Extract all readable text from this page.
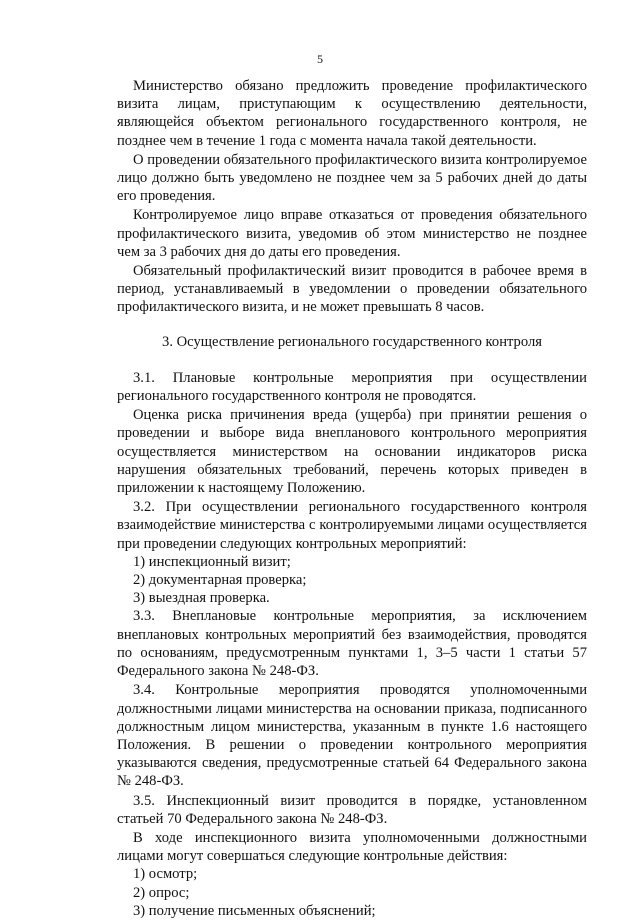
5

Министерство обязано предложить проведение профилактического визита лицам, приступающим к осуществлению деятельности, являющейся объектом регионального государственного контроля, не позднее чем в течение 1 года с момента начала такой деятельности.

О проведении обязательного профилактического визита контролируемое лицо должно быть уведомлено не позднее чем за 5 рабочих дней до даты его проведения.

Контролируемое лицо вправе отказаться от проведения обязательного профилактического визита, уведомив об этом министерство не позднее чем за 3 рабочих дня до даты его проведения.

Обязательный профилактический визит проводится в рабочее время в период, устанавливаемый в уведомлении о проведении обязательного профилактического визита, и не может превышать 8 часов.

3. Осуществление регионального государственного контроля

3.1. Плановые контрольные мероприятия при осуществлении регионального государственного контроля не проводятся.

Оценка риска причинения вреда (ущерба) при принятии решения о проведении и выборе вида внепланового контрольного мероприятия осуществляется министерством на основании индикаторов риска нарушения обязательных требований, перечень которых приведен в приложении к настоящему Положению.

3.2. При осуществлении регионального государственного контроля взаимодействие министерства с контролируемыми лицами осуществляется при проведении следующих контрольных мероприятий:

1) инспекционный визит;

2) документарная проверка;

3) выездная проверка.

3.3. Внеплановые контрольные мероприятия, за исключением внеплановых контрольных мероприятий без взаимодействия, проводятся по основаниям, предусмотренным пунктами 1, 3–5 части 1 статьи 57 Федерального закона № 248-ФЗ.

3.4. Контрольные мероприятия проводятся уполномоченными должностными лицами министерства на основании приказа, подписанного должностным лицом министерства, указанным в пункте 1.6 настоящего Положения. В решении о проведении контрольного мероприятия указываются сведения, предусмотренные статьей 64 Федерального закона № 248-ФЗ.

3.5. Инспекционный визит проводится в порядке, установленном статьей 70 Федерального закона № 248-ФЗ.

В ходе инспекционного визита уполномоченными должностными лицами могут совершаться следующие контрольные действия:

1) осмотр;

2) опрос;

3) получение письменных объяснений;
